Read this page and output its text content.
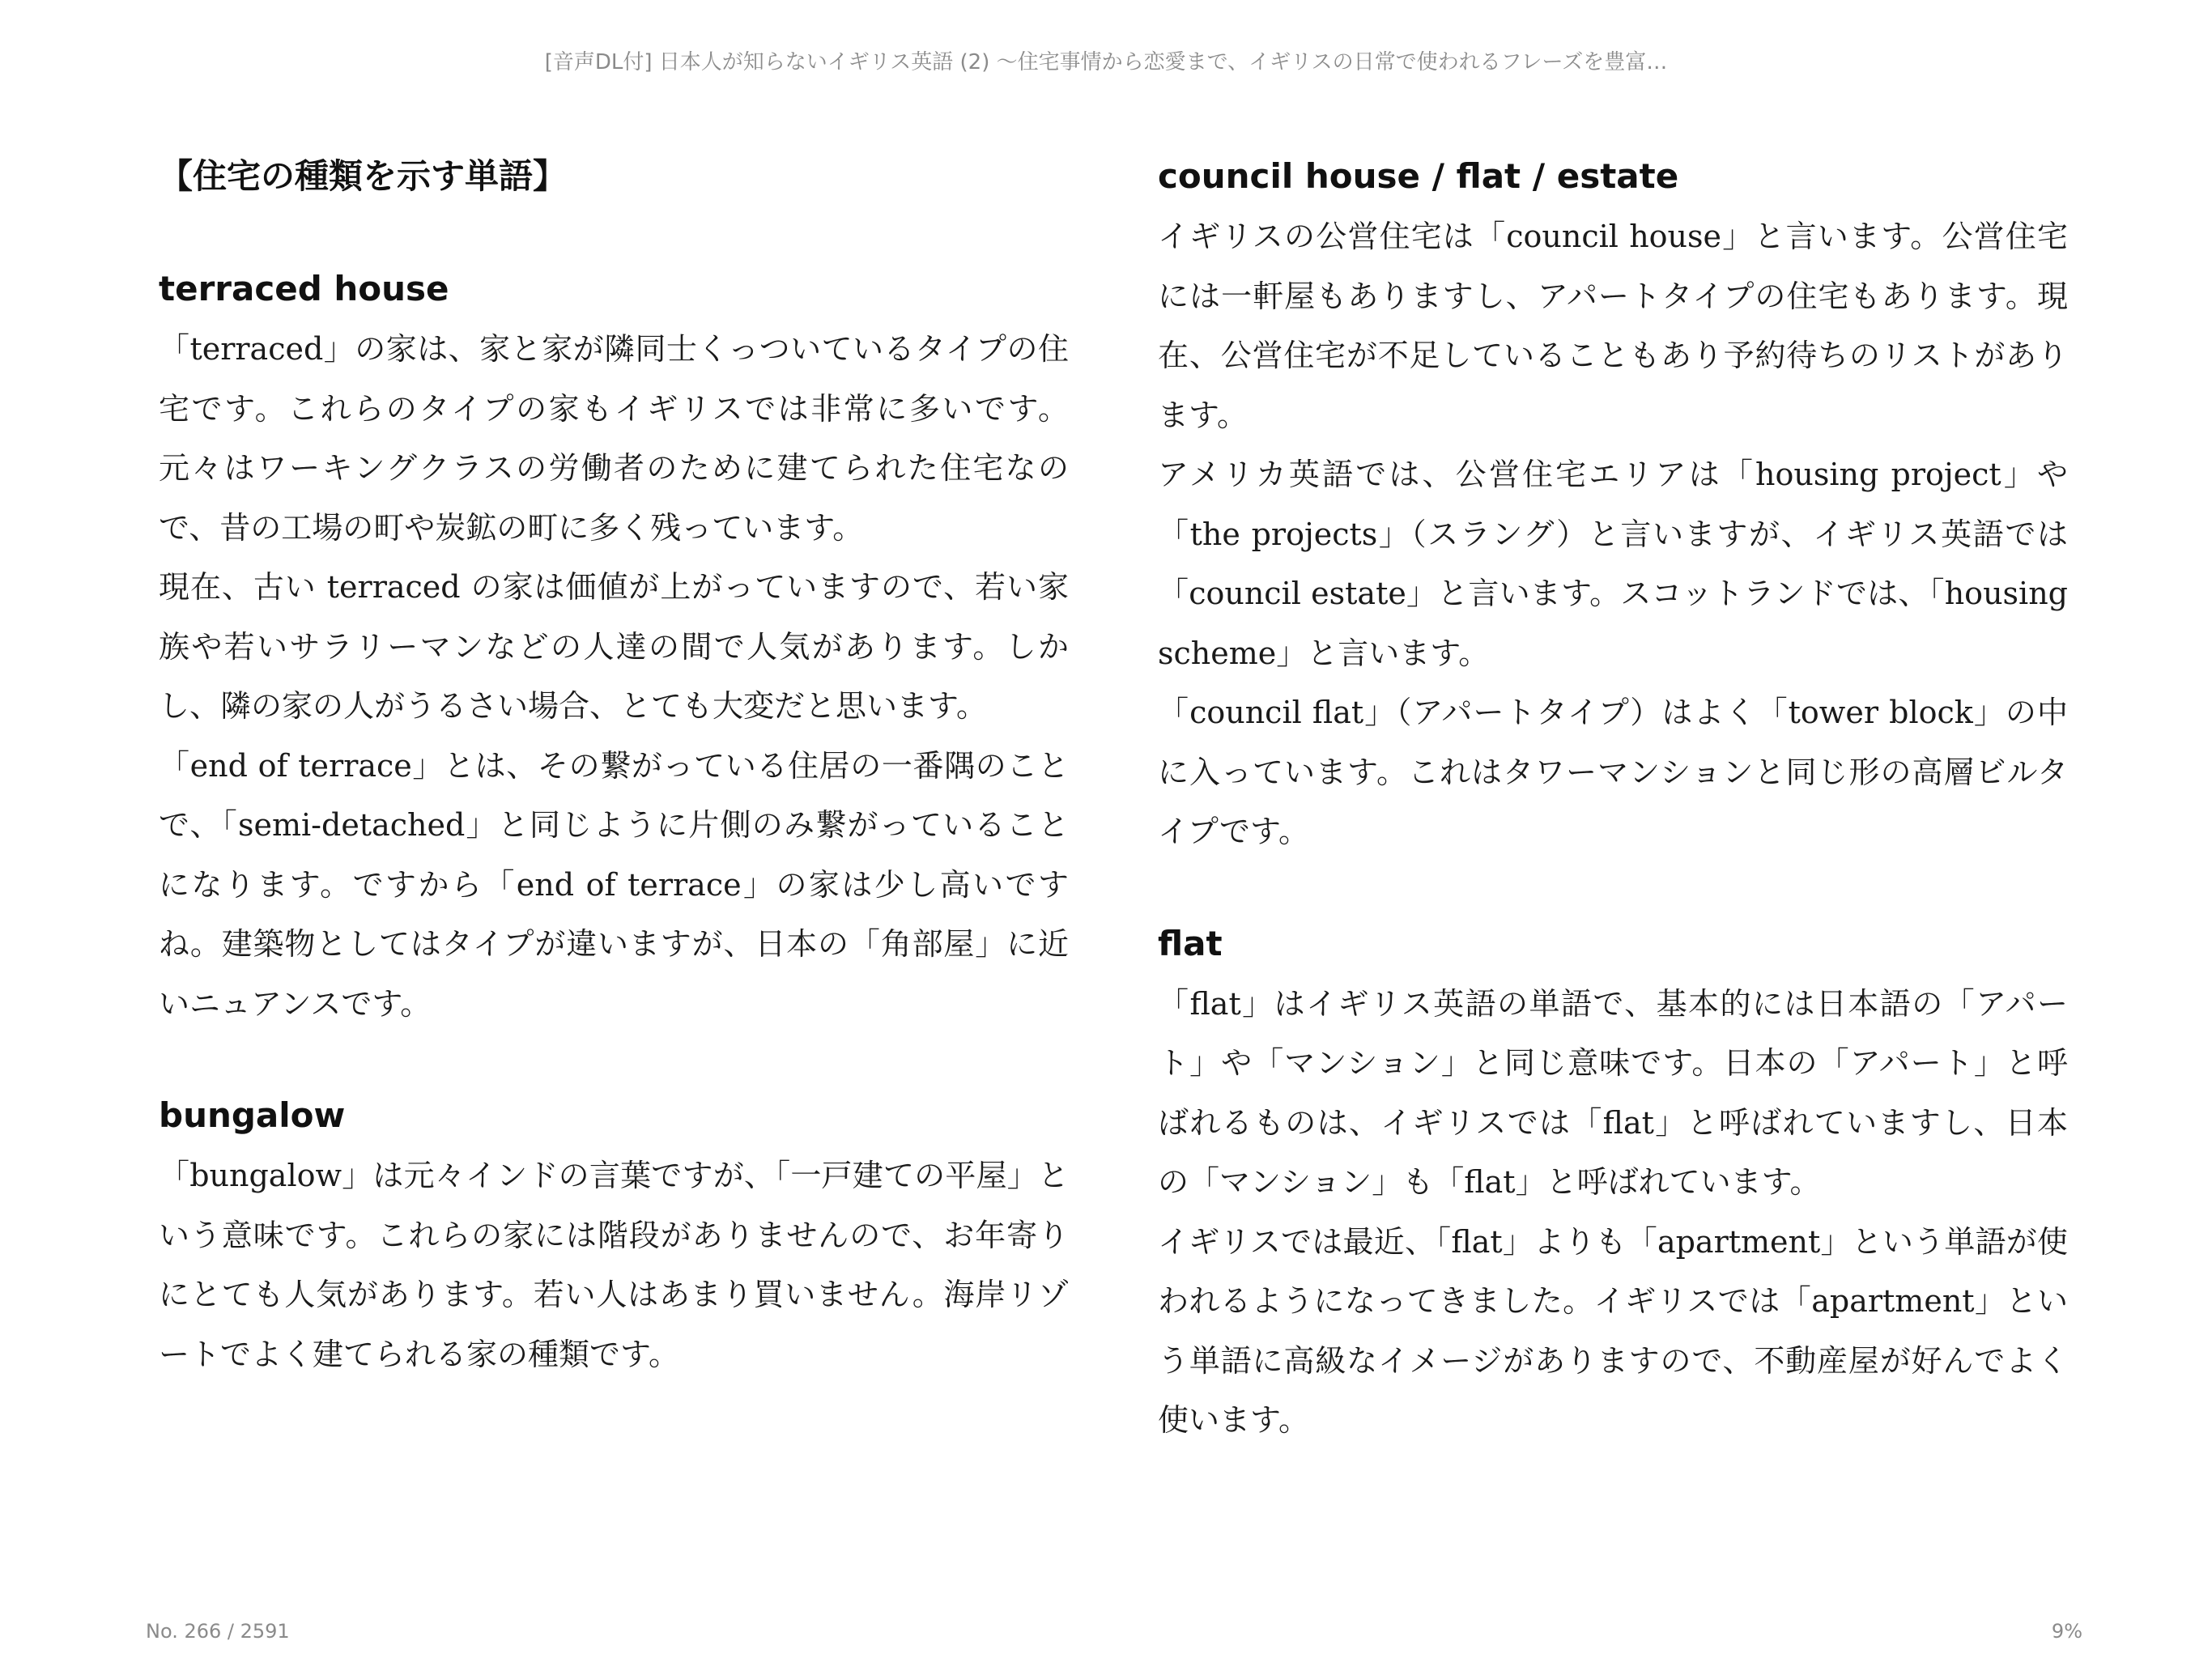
[音声DL付] 日本人が知らないイギリス英語 (2) 〜住宅事情から恋愛まで、イギリスの日常で使われるフレーズを豊富…
【住宅の種類を示す単語】
terraced house

「terraced」の家は、家と家が隣同士くっついているタイプの住宅です。これらのタイプの家もイギリスでは非常に多いです。元々はワーキングクラスの労働者のために建てられた住宅なので、昔の工場の町や炭鉱の町に多く残っています。

現在、古い terraced の家は価値が上がっていますので、若い家族や若いサラリーマンなどの人達の間で人気があります。しかし、隣の家の人がうるさい場合、とても大変だと思います。

「end of terrace」とは、その繋がっている住居の一番隅のことで、「semi-detached」と同じように片側のみ繋がっていることになります。ですから「end of terrace」の家は少し高いですね。建築物としてはタイプが違いますが、日本の「角部屋」に近いニュアンスです。

bungalow

「bungalow」は元々インドの言葉ですが、「一戸建ての平屋」という意味です。これらの家には階段がありませんので、お年寄りにとても人気があります。若い人はあまり買いません。海岸リゾートでよく建てられる家の種類です。

council house / flat / estate

イギリスの公営住宅は「council house」と言います。公営住宅には一軒屋もありますし、アパートタイプの住宅もあります。現在、公営住宅が不足していることもあり予約待ちのリストがあります。

アメリカ英語では、公営住宅エリアは「housing project」や「the projects」（スラング）と言いますが、イギリス英語では「council estate」と言います。スコットランドでは、「housing scheme」と言います。

「council flat」（アパートタイプ）はよく「tower block」の中に入っています。これはタワーマンションと同じ形の高層ビルタイプです。

flat

「flat」はイギリス英語の単語で、基本的には日本語の「アパート」や「マンション」と同じ意味です。日本の「アパート」と呼ばれるものは、イギリスでは「flat」と呼ばれていますし、日本の「マンション」も「flat」と呼ばれています。

イギリスでは最近、「flat」よりも「apartment」という単語が使われるようになってきました。イギリスでは「apartment」という単語に高級なイメージがありますので、不動産屋が好んでよく使います。

No. 266 / 2591	9%
